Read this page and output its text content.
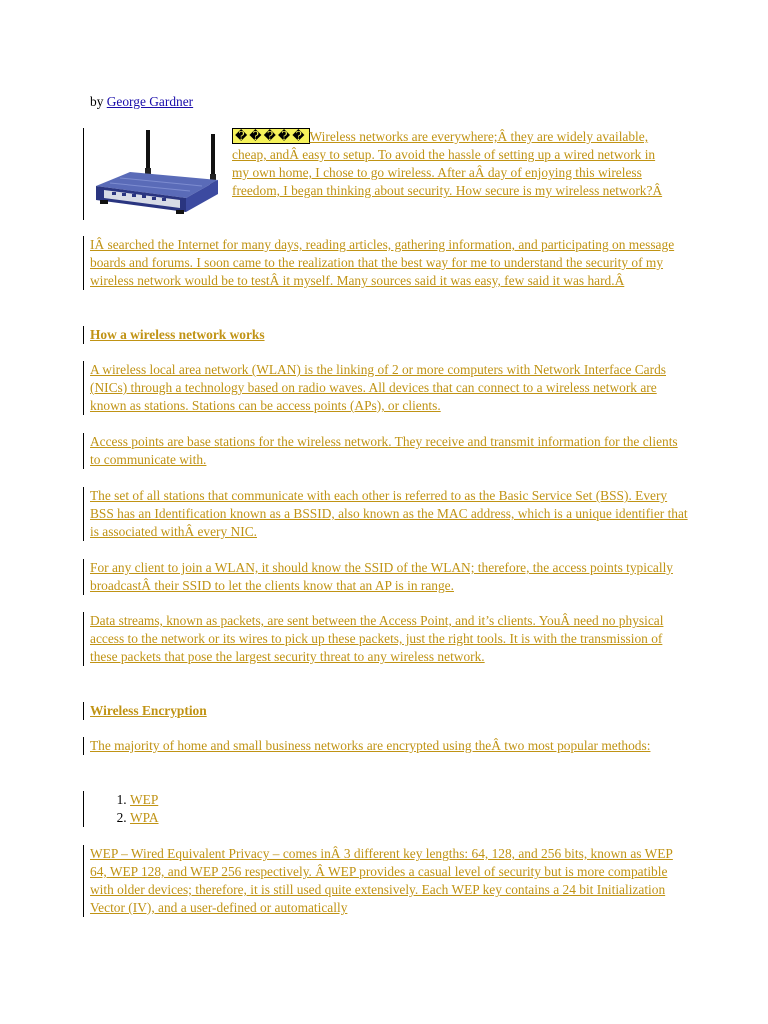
by George Gardner
����� Wireless networks are everywhere;Â they are widely available, cheap, andÂ easy to setup. To avoid the hassle of setting up a wired network in my own home, I chose to go wireless. After aÂ day of enjoying this wireless freedom, I began thinking about security. How secure is my wireless network?Â
IÂ searched the Internet for many days, reading articles, gathering information, and participating on message boards and forums. I soon came to the realization that the best way for me to understand the security of my wireless network would be to testÂ it myself. Many sources said it was easy, few said it was hard.Â
How a wireless network works
A wireless local area network (WLAN) is the linking of 2 or more computers with Network Interface Cards (NICs) through a technology based on radio waves. All devices that can connect to a wireless network are known as stations. Stations can be access points (APs), or clients.
Access points are base stations for the wireless network. They receive and transmit information for the clients to communicate with.
The set of all stations that communicate with each other is referred to as the Basic Service Set (BSS). Every BSS has an Identification known as a BSSID, also known as the MAC address, which is a unique identifier that is associated withÂ every NIC.
For any client to join a WLAN, it should know the SSID of the WLAN; therefore, the access points typically broadcastÂ their SSID to let the clients know that an AP is in range.
Data streams, known as packets, are sent between the Access Point, and it’s clients. YouÂ need no physical access to the network or its wires to pick up these packets, just the right tools. It is with the transmission of these packets that pose the largest security threat to any wireless network.
Wireless Encryption
The majority of home and small business networks are encrypted using theÂ two most popular methods:
1. WEP
2. WPA
WEP – Wired Equivalent Privacy – comes inÂ 3 different key lengths: 64, 128, and 256 bits, known as WEP 64, WEP 128, and WEP 256 respectively. Â WEP provides a casual level of security but is more compatible with older devices; therefore, it is still used quite extensively. Each WEP key contains a 24 bit Initialization Vector (IV), and a user-defined or automatically
